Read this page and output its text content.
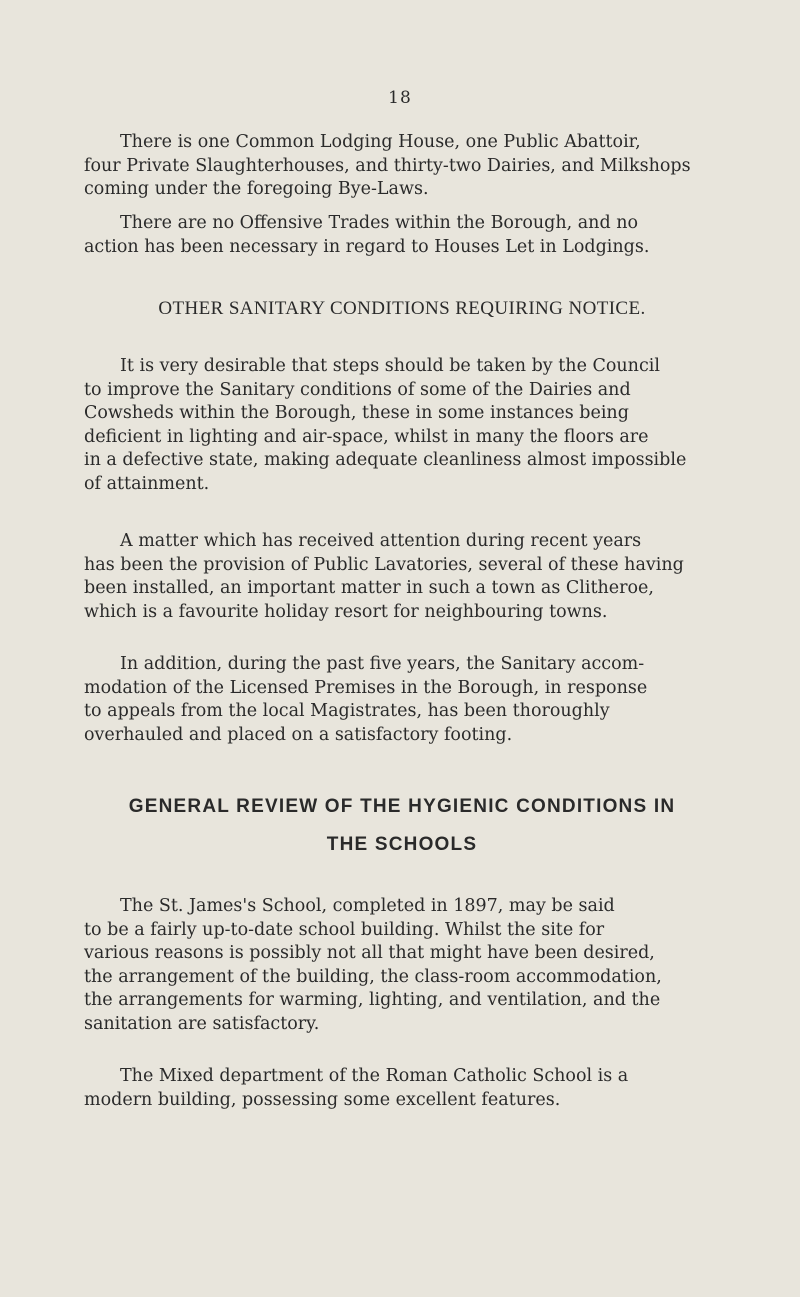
18
There is one Common Lodging House, one Public Abattoir,
four Private Slaughterhouses, and thirty-two Dairies, and Milkshops
coming under the foregoing Bye-Laws.
There are no Offensive Trades within the Borough, and no
action has been necessary in regard to Houses Let in Lodgings.
OTHER SANITARY CONDITIONS REQUIRING NOTICE.
It is very desirable that steps should be taken by the Council
to improve the Sanitary conditions of some of the Dairies and
Cowsheds within the Borough, these in some instances being
deficient in lighting and air-space, whilst in many the floors are
in a defective state, making adequate cleanliness almost impossible
of attainment.
A matter which has received attention during recent years
has been the provision of Public Lavatories, several of these having
been installed, an important matter in such a town as Clitheroe,
which is a favourite holiday resort for neighbouring towns.
In addition, during the past five years, the Sanitary accom-
modation of the Licensed Premises in the Borough, in response
to appeals from the local Magistrates, has been thoroughly
overhauled and placed on a satisfactory footing.
GENERAL REVIEW OF THE HYGIENIC CONDITIONS IN
THE SCHOOLS
The St. James's School, completed in 1897, may be said
to be a fairly up-to-date school building. Whilst the site for
various reasons is possibly not all that might have been desired,
the arrangement of the building, the class-room accommodation,
the arrangements for warming, lighting, and ventilation, and the
sanitation are satisfactory.
The Mixed department of the Roman Catholic School is a
modern building, possessing some excellent features.
